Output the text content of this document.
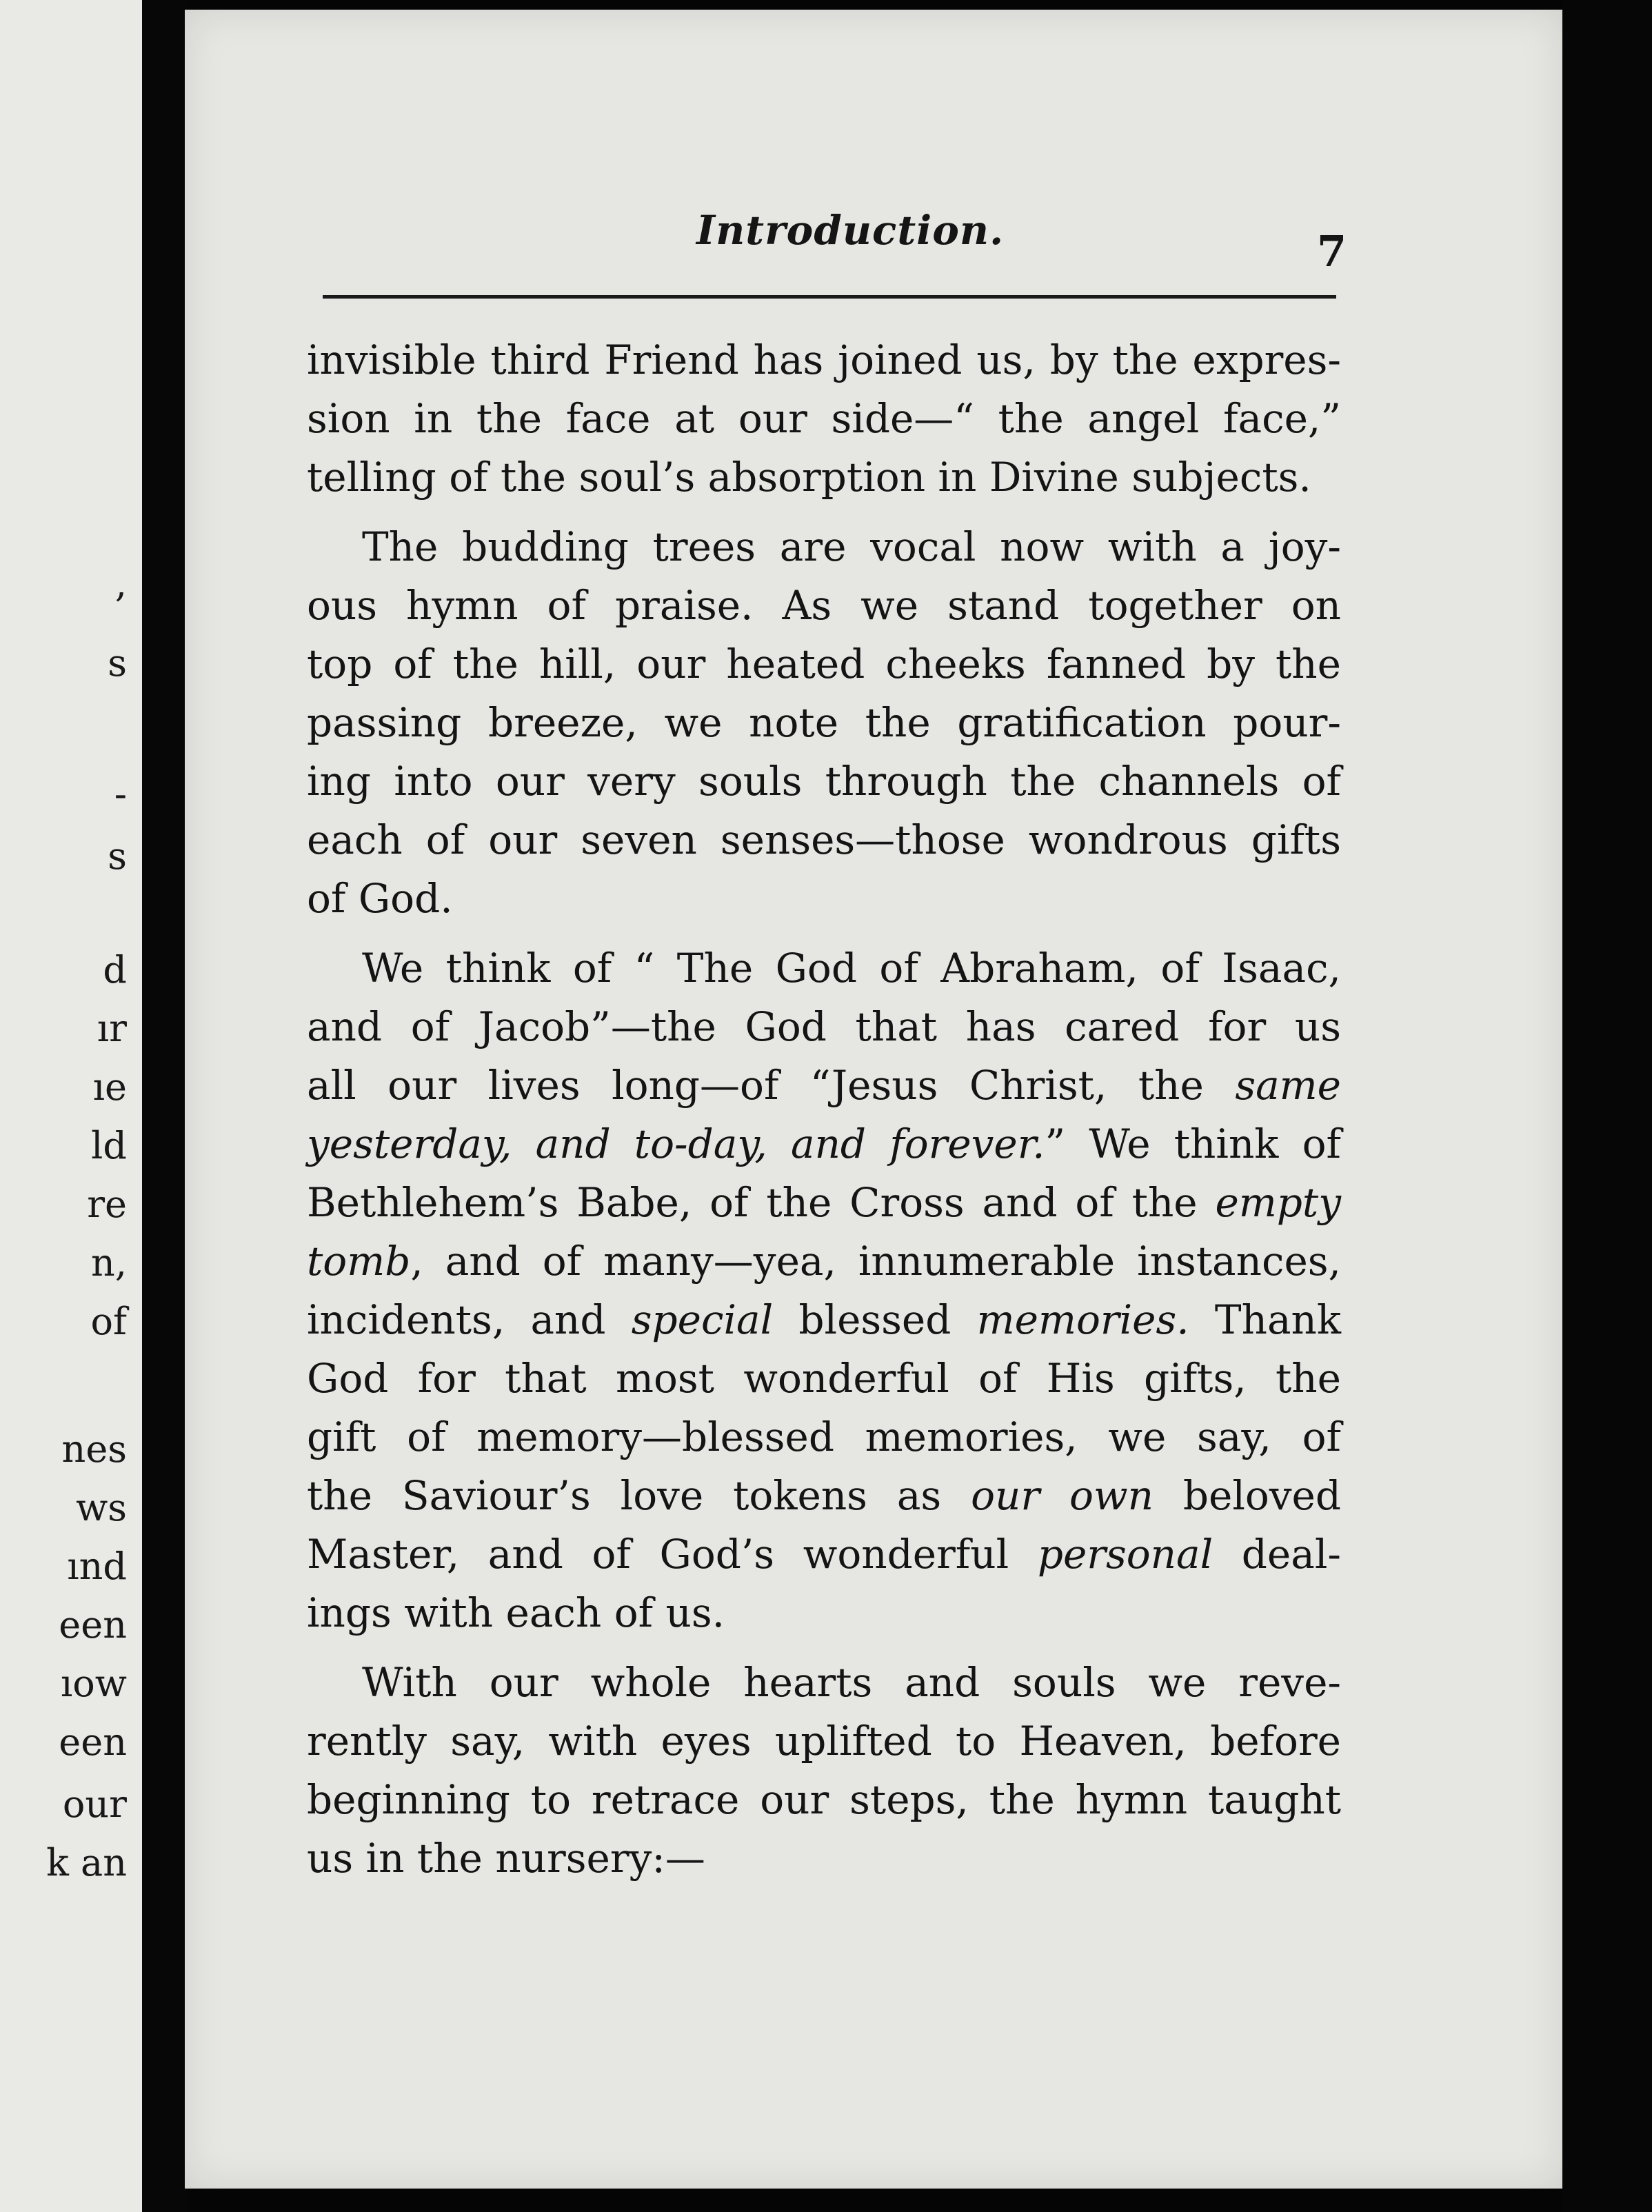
,
s
-
s
d
ır
ıe
ld
re
n,
of
nes
ws
ınd
een
ıow
een
our
k an
Introduction.	7
invisible third Friend has joined us, by the expres-
sion in the face at our side—“ the angel face,”
telling of the soul’s absorption in Divine subjects.
The budding trees are vocal now with a joy-
ous hymn of praise. As we stand together on
top of the hill, our heated cheeks fanned by the
passing breeze, we note the gratification pour-
ing into our very souls through the channels of
each of our seven senses—those wondrous gifts
of God.
We think of “ The God of Abraham, of Isaac,
and of Jacob”—the God that has cared for us
all our lives long—of “Jesus Christ, the same
yesterday, and to-day, and forever.” We think of
Bethlehem’s Babe, of the Cross and of the empty
tomb, and of many—yea, innumerable instances,
incidents, and special blessed memories. Thank
God for that most wonderful of His gifts, the
gift of memory—blessed memories, we say, of
the Saviour’s love tokens as our own beloved
Master, and of God’s wonderful personal deal-
ings with each of us.
With our whole hearts and souls we reve-
rently say, with eyes uplifted to Heaven, before
beginning to retrace our steps, the hymn taught
us in the nursery:—
